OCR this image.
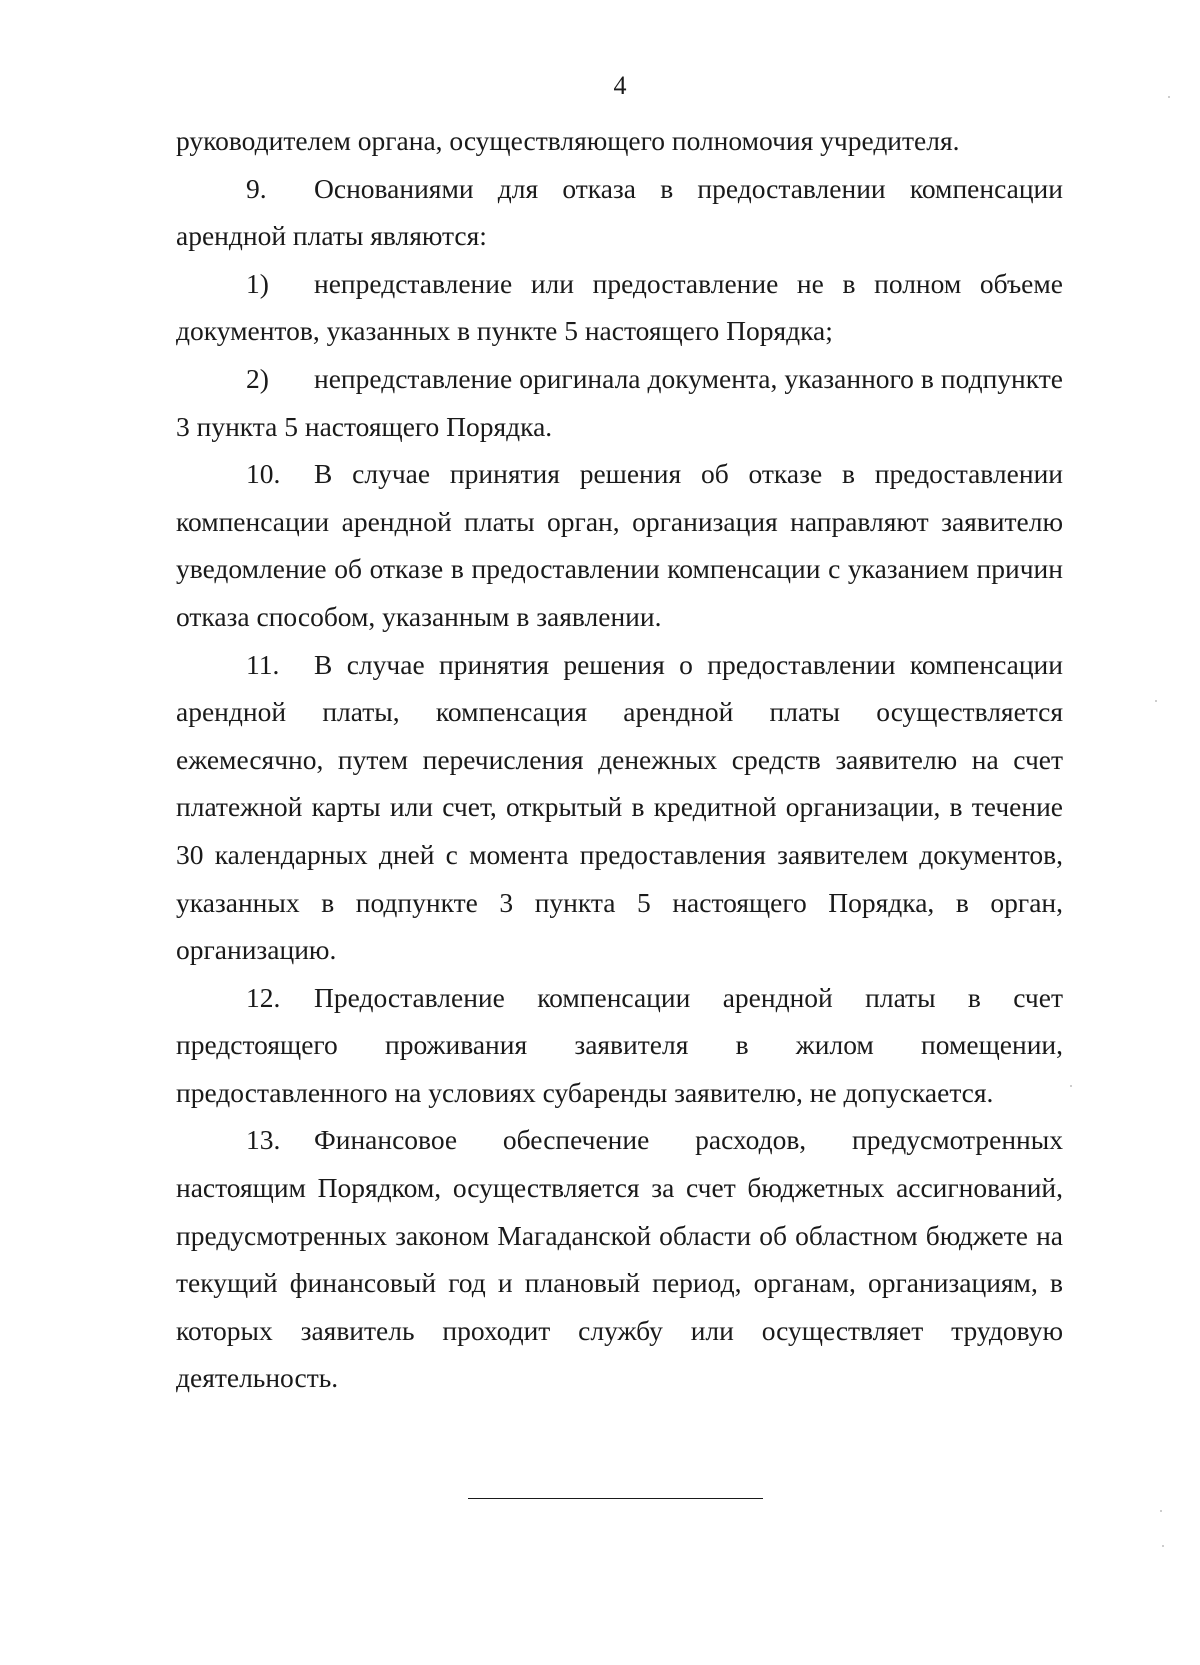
4

руководителем органа, осуществляющего полномочия учредителя.

9. Основаниями для отказа в предоставлении компенсации арендной платы являются:

1) непредставление или предоставление не в полном объеме документов, указанных в пункте 5 настоящего Порядка;

2) непредставление оригинала документа, указанного в подпункте 3 пункта 5 настоящего Порядка.

10. В случае принятия решения об отказе в предоставлении компенсации арендной платы орган, организация направляют заявителю уведомление об отказе в предоставлении компенсации с указанием причин отказа способом, указанным в заявлении.

11. В случае принятия решения о предоставлении компенсации арендной платы, компенсация арендной платы осуществляется ежемесячно, путем перечисления денежных средств заявителю на счет платежной карты или счет, открытый в кредитной организации, в течение 30 календарных дней с момента предоставления заявителем документов, указанных в подпункте 3 пункта 5 настоящего Порядка, в орган, организацию.

12. Предоставление компенсации арендной платы в счет предстоящего проживания заявителя в жилом помещении, предоставленного на условиях субаренды заявителю, не допускается.

13. Финансовое обеспечение расходов, предусмотренных настоящим Порядком, осуществляется за счет бюджетных ассигнований, предусмотренных законом Магаданской области об областном бюджете на текущий финансовый год и плановый период, органам, организациям, в которых заявитель проходит службу или осуществляет трудовую деятельность.
